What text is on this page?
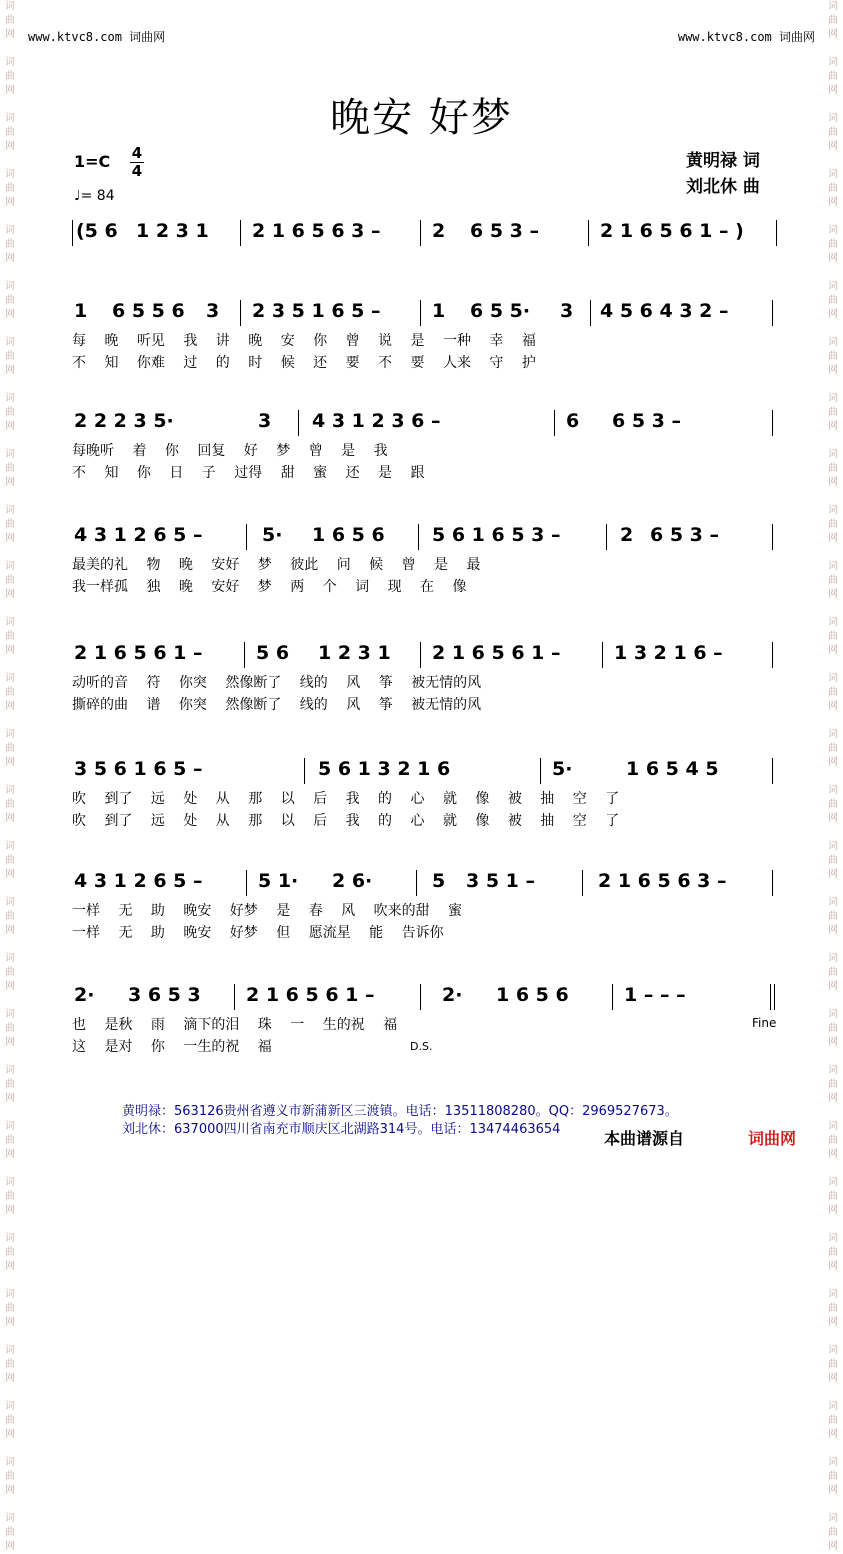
词
曲
网

词
曲
网

词
曲
网

词
曲
网

词
曲
网

词
曲
网

词
曲
网

词
曲
网

词
曲
网

词
曲
网

词
曲
网

词
曲
网

词
曲
网

词
曲
网

词
曲
网

词
曲
网

词
曲
网

词
曲
网

词
曲
网

词
曲
网

词
曲
网

词
曲
网

词
曲
网

词
曲
网

词
曲
网

词
曲
网

词
曲
网

词
曲
网

词
曲
网

词
曲
网

词
曲
网

词
曲
网

词
曲
网

词
曲
网

词
曲
网

词
曲
网

词
曲
网

词
曲
网

词
曲
网

词
曲
网

词
曲
网

词
曲
网

词
曲
网

词
曲
网

词
曲
网

词
曲
网

词
曲
网

词
曲
网

词
曲
网

词
曲
网

词
曲
网

词
曲
网

词
曲
网

词
曲
网

词
曲
网

词
曲
网

www.ktvc8.com 词曲网	www.ktvc8.com 词曲网
晚安 好梦
1=C 4
4
♩= 84
黄明禄 词
刘北休 曲
(5 6 1 2 3 1 2 1 6 5 6 3 –	2 6 5 3 –	2 1 6 5 6 1 – )
1 6 5 5 6 3 2 3 5 1 6 5 –	1 6 5 5· 3 4 5 6 4 3 2 –
每 晚 听见 我 讲 晚 安 你 曾 说 是 一种 幸 福
不 知 你难 过 的 时 候 还 要 不 要 人来 守 护
2 2 2 3 5·	3 4 3 1 2 3 6 –	6 6 5 3 –
每晚听 着 你 回复 好 梦 曾 是 我
不 知 你 日 子 过得 甜 蜜 还 是 跟
4 3 1 2 6 5 –	5· 1 6 5 6 5 6 1 6 5 3 –	2 6 5 3 –
最美的礼 物 晚 安好 梦 彼此 问 候 曾 是 最
我一样孤 独 晚 安好 梦 两 个 词 现 在 像
2 1 6 5 6 1 –	5 6 1 2 3 1 2 1 6 5 6 1 –	1 3 2 1 6 –
动听的音 符 你突 然像断了 线的 风 筝 被无情的风
撕碎的曲 谱 你突 然像断了 线的 风 筝 被无情的风
3 5 6 1 6 5 –	5 6 1 3 2 1 6	5·	1 6 5 4 5
吹 到了 远 处 从 那 以 后 我 的 心 就 像 被 抽 空 了
吹 到了 远 处 从 那 以 后 我 的 心 就 像 被 抽 空 了
4 3 1 2 6 5 –	5 1· 2 6·	5 3 5 1 –	2 1 6 5 6 3 –
一样 无 助 晚安 好梦 是 春 风 吹来的甜 蜜
一样 无 助 晚安 好梦 但 愿流星 能 告诉你
2· 3 6 5 3 2 1 6 5 6 1 –	2· 1 6 5 6	1 – – –
也 是秋 雨 滴下的泪 珠 一 生的祝 福
这 是对 你 一生的祝 福
Fine
D.S.
黄明禄：563126贵州省遵义市新蒲新区三渡镇。电话：13511808280。QQ：2969527673。
刘北休：637000四川省南充市顺庆区北湖路314号。电话：13474463654	本曲谱源自	词曲网
